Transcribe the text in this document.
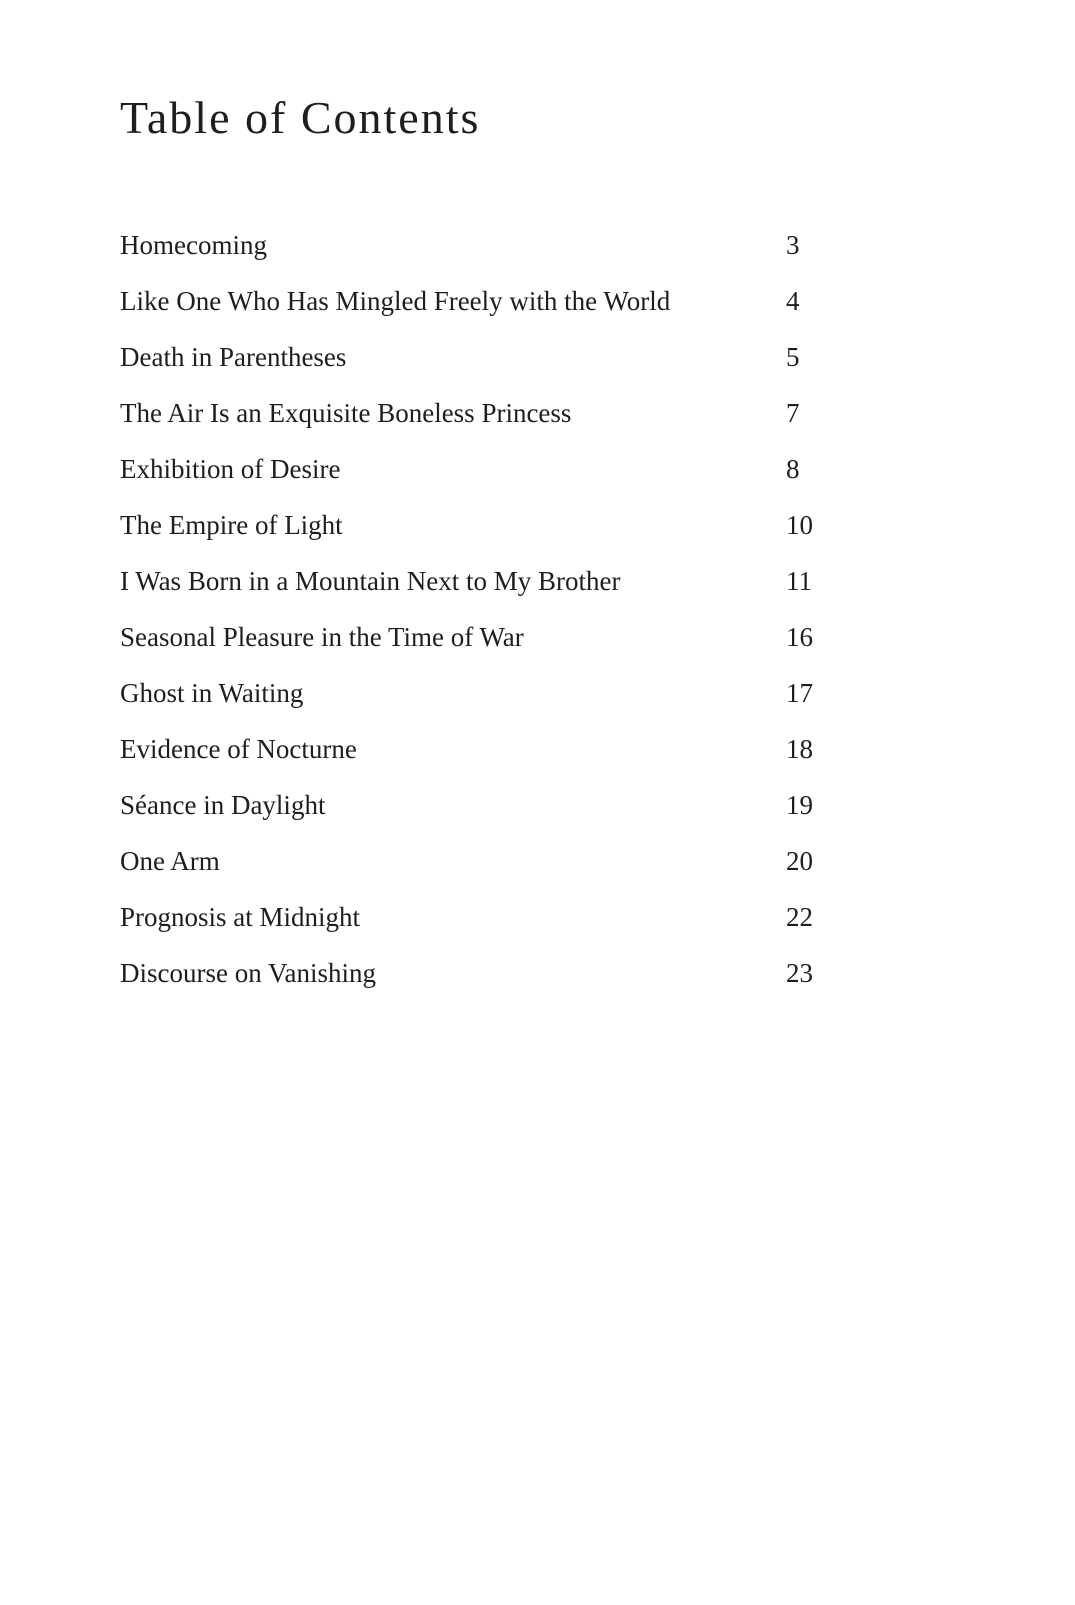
Table of Contents
Homecoming	3
Like One Who Has Mingled Freely with the World	4
Death in Parentheses	5
The Air Is an Exquisite Boneless Princess	7
Exhibition of Desire	8
The Empire of Light	10
I Was Born in a Mountain Next to My Brother	11
Seasonal Pleasure in the Time of War	16
Ghost in Waiting	17
Evidence of Nocturne	18
Séance in Daylight	19
One Arm	20
Prognosis at Midnight	22
Discourse on Vanishing	23
